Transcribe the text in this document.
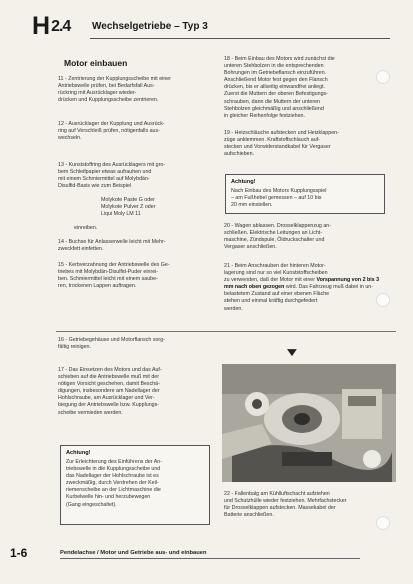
H 2.4 Wechselgetriebe – Typ 3
Motor einbauen
11 - Zentrierung der Kupplungsscheibe mit einer
Antriebswelle prüfen, bei Bedarfsfall Aus-
rückring mit Ausrücklager wieder-
drücken und Kupplungsscheibe zentrieren.
12 - Ausrücklager der Kupplung und Ausrück-
ring auf Verschleiß prüfen, nötigenfalls aus-
wechseln.
13 - Kunststoffring des Ausrücklagers mit gro-
bem Schleifpapier etwas aufrauhen und
mit einem Schmiermittel auf Molybdän-
Disulfid-Basis wie zum Beispiel
Molykote Paste G oder
Molykote Pulver Z oder
Liqui Moly LM 11
einreiben.
14 - Buchse für Anlasserwelle leicht mit Mehr-
zweckfett einfetten.
15 - Kerbverzahnung der Antriebswelle des Ge-
triebes mit Molybdän-Disulfid-Puder einrei-
ben. Schmiermittel leicht mit einem saube-
ren, trockenen Lappen auftragen.
18 - Beim Einbau des Motors wird zunächst die
unteren Stehbolzen in die entsprechenden
Bohrungen im Getriebeflansch einzuführen.
Anschließend Motor fest gegen den Flansch
drücken, bis er allseitig einwandfrei anliegt.
Zuerst die Muttern der oberen Befestigungs-
schrauben, dann die Muttern der unteren
Stehbolzen gleichmäßig und anschließend
in gleicher Reihenfolge festziehen.
19 - Heizschläuche aufstecken und Heizklappen-
züge anklemmen. Kraftstoffschlauch auf-
stecken und Vorwiderstandkabel für Vergaser
aufschieben.
Achtung!
Nach Einbau des Motors Kupplungsspiel
– am Fußhebel gemessen – auf 10 bis
20 mm einstellen.
20 - Wagen ablassen. Drosselklappenzug an-
schließen. Elektrische Leitungen an Licht-
maschine, Zündspule, Öldruckschalter und
Vergaser anschließen.
21 - Beim Anschrauben der hinteren Motor-
lagerung sind nur so viel Kunststoffscheiben
zu verwenden, daß der Motor mit einer Vorspannung von 2 bis 3 mm nach oben gezogen wird. Das Fahrzeug muß dabei in un-
belastetem Zustand auf einer ebenen Fläche
stehen und einmal kräftig durchgefedert
werden.
16 - Getriebegehäuse und Motorflansch sorg-
fältig reinigen.
17 - Das Einsetzen des Motors und das Auf-
schieben auf die Antriebswelle muß mit der
nötigen Vorsicht geschehen, damit Beschä-
digungen, insbesondere am Nadellager der
Hohlschraube, am Ausrücklager und Ver-
biegung der Antriebswelle bzw. Kupplungs-
scheibe vermieden werden.
Achtung!
Zur Erleichterung des Einführens der An-
triebswelle in die Kupplungsscheibe und
das Nadellager der Hohlschraube ist es
zweckmäßig, durch Verdrehen der Keil-
riemenscheibe an der Lichtmaschine die
Kurbelwelle hin- und herzubewegen
(Gang eingeschaltet).
▼
22 - Fallenbalg am Kühlluftschacht aufziehen
und Schutzhülle wieder festziehen. Mehrfachstecker
für Drosselklappen aufstecken. Massekabel der
Batterie anschließen.
1-6	Pendelachse / Motor und Getriebe aus- und einbauen
